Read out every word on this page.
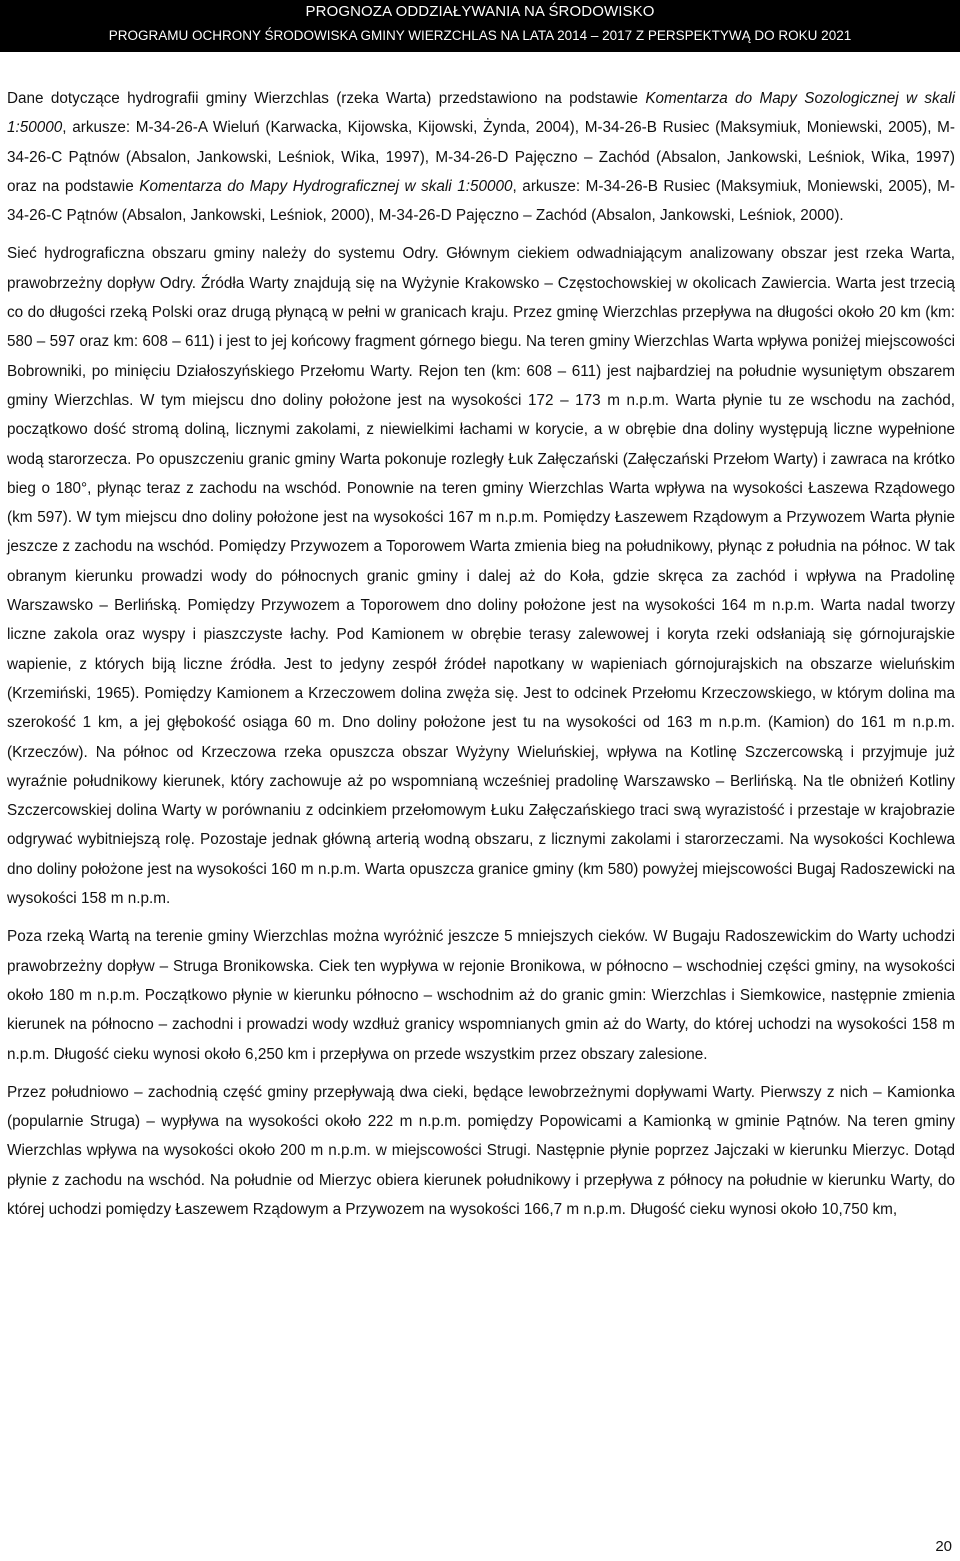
PROGNOZA ODDZIAŁYWANIA NA ŚRODOWISKO
PROGRAMU OCHRONY ŚRODOWISKA GMINY WIERZCHLAS NA LATA 2014 – 2017 Z PERSPEKTYWĄ DO ROKU 2021

Dane dotyczące hydrografii gminy Wierzchlas (rzeka Warta) przedstawiono na podstawie Komentarza do Mapy Sozologicznej w skali 1:50000, arkusze: M-34-26-A Wieluń (Karwacka, Kijowska, Kijowski, Żynda, 2004), M-34-26-B Rusiec (Maksymiuk, Moniewski, 2005), M-34-26-C Pątnów (Absalon, Jankowski, Leśniok, Wika, 1997), M-34-26-D Pajęczno – Zachód (Absalon, Jankowski, Leśniok, Wika, 1997) oraz na podstawie Komentarza do Mapy Hydrograficznej w skali 1:50000, arkusze: M-34-26-B Rusiec (Maksymiuk, Moniewski, 2005), M-34-26-C Pątnów (Absalon, Jankowski, Leśniok, 2000), M-34-26-D Pajęczno – Zachód (Absalon, Jankowski, Leśniok, 2000).

Sieć hydrograficzna obszaru gminy należy do systemu Odry. Głównym ciekiem odwadniającym analizowany obszar jest rzeka Warta, prawobrzeżny dopływ Odry. Źródła Warty znajdują się na Wyżynie Krakowsko – Częstochowskiej w okolicach Zawiercia. Warta jest trzecią co do długości rzeką Polski oraz drugą płynącą w pełni w granicach kraju. Przez gminę Wierzchlas przepływa na długości około 20 km (km: 580 – 597 oraz km: 608 – 611) i jest to jej końcowy fragment górnego biegu. Na teren gminy Wierzchlas Warta wpływa poniżej miejscowości Bobrowniki, po minięciu Działoszyńskiego Przełomu Warty. Rejon ten (km: 608 – 611) jest najbardziej na południe wysuniętym obszarem gminy Wierzchlas. W tym miejscu dno doliny położone jest na wysokości 172 – 173 m n.p.m. Warta płynie tu ze wschodu na zachód, początkowo dość stromą doliną, licznymi zakolami, z niewielkimi łachami w korycie, a w obrębie dna doliny występują liczne wypełnione wodą starorzecza. Po opuszczeniu granic gminy Warta pokonuje rozległy Łuk Załęczański (Załęczański Przełom Warty) i zawraca na krótko bieg o 180°, płynąc teraz z zachodu na wschód. Ponownie na teren gminy Wierzchlas Warta wpływa na wysokości Łaszewa Rządowego (km 597). W tym miejscu dno doliny położone jest na wysokości 167 m n.p.m. Pomiędzy Łaszewem Rządowym a Przywozem Warta płynie jeszcze z zachodu na wschód. Pomiędzy Przywozem a Toporowem Warta zmienia bieg na południkowy, płynąc z południa na północ. W tak obranym kierunku prowadzi wody do północnych granic gminy i dalej aż do Koła, gdzie skręca za zachód i wpływa na Pradolinę Warszawsko – Berlińską. Pomiędzy Przywozem a Toporowem dno doliny położone jest na wysokości 164 m n.p.m. Warta nadal tworzy liczne zakola oraz wyspy i piaszczyste łachy. Pod Kamionem w obrębie terasy zalewowej i koryta rzeki odsłaniają się górnojurajskie wapienie, z których biją liczne źródła. Jest to jedyny zespół źródeł napotkany w wapieniach górnojurajskich na obszarze wieluńskim (Krzemiński, 1965). Pomiędzy Kamionem a Krzeczowem dolina zwęża się. Jest to odcinek Przełomu Krzeczowskiego, w którym dolina ma szerokość 1 km, a jej głębokość osiąga 60 m. Dno doliny położone jest tu na wysokości od 163 m n.p.m. (Kamion) do 161 m n.p.m. (Krzeczów). Na północ od Krzeczowa rzeka opuszcza obszar Wyżyny Wieluńskiej, wpływa na Kotlinę Szczercowską i przyjmuje już wyraźnie południkowy kierunek, który zachowuje aż po wspomnianą wcześniej pradolinę Warszawsko – Berlińską. Na tle obniżeń Kotliny Szczercowskiej dolina Warty w porównaniu z odcinkiem przełomowym Łuku Załęczańskiego traci swą wyrazistość i przestaje w krajobrazie odgrywać wybitniejszą rolę. Pozostaje jednak główną arterią wodną obszaru, z licznymi zakolami i starorzeczami. Na wysokości Kochlewa dno doliny położone jest na wysokości 160 m n.p.m. Warta opuszcza granice gminy (km 580) powyżej miejscowości Bugaj Radoszewicki na wysokości 158 m n.p.m.

Poza rzeką Wartą na terenie gminy Wierzchlas można wyróżnić jeszcze 5 mniejszych cieków. W Bugaju Radoszewickim do Warty uchodzi prawobrzeżny dopływ – Struga Bronikowska. Ciek ten wypływa w rejonie Bronikowa, w północno – wschodniej części gminy, na wysokości około 180 m n.p.m. Początkowo płynie w kierunku północno – wschodnim aż do granic gmin: Wierzchlas i Siemkowice, następnie zmienia kierunek na północno – zachodni i prowadzi wody wzdłuż granicy wspomnianych gmin aż do Warty, do której uchodzi na wysokości 158 m n.p.m. Długość cieku wynosi około 6,250 km i przepływa on przede wszystkim przez obszary zalesione.

Przez południowo – zachodnią część gminy przepływają dwa cieki, będące lewobrzeżnymi dopływami Warty. Pierwszy z nich – Kamionka (popularnie Struga) – wypływa na wysokości około 222 m n.p.m. pomiędzy Popowicami a Kamionką w gminie Pątnów. Na teren gminy Wierzchlas wpływa na wysokości około 200 m n.p.m. w miejscowości Strugi. Następnie płynie poprzez Jajczaki w kierunku Mierzyc. Dotąd płynie z zachodu na wschód. Na południe od Mierzyc obiera kierunek południkowy i przepływa z północy na południe w kierunku Warty, do której uchodzi pomiędzy Łaszewem Rządowym a Przywozem na wysokości 166,7 m n.p.m. Długość cieku wynosi około 10,750 km,

20
